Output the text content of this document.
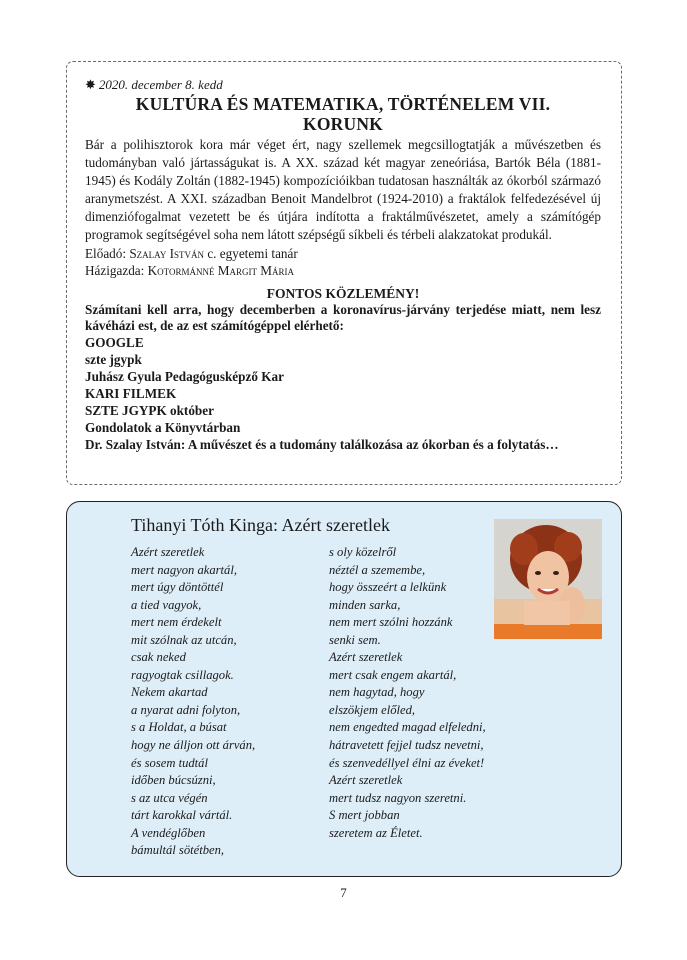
✸ 2020. december 8. kedd
KULTÚRA ÉS MATEMATIKA, TÖRTÉNELEM VII.
KORUNK
Bár a polihisztorok kora már véget ért, nagy szellemek megcsillogtatják a művészetben és tudományban való jártasságukat is. A XX. század két magyar zeneóriása, Bartók Béla (1881-1945) és Kodály Zoltán (1882-1945) kompozícióikban tudatosan használták az ókorból származó aranymetszést. A XXI. században Benoit Mandelbrot (1924-2010) a fraktálok felfedezésével új dimenziófogalmat vezetett be és útjára indította a fraktálművészetet, amely a számítógép programok segítségével soha nem látott szépségű síkbeli és térbeli alakzatokat produkál.
Előadó: Szalay István c. egyetemi tanár
Házigazda: Kotormánné Margit Mária
FONTOS KÖZLEMÉNY!
Számítani kell arra, hogy decemberben a koronavírus-járvány terjedése miatt, nem lesz kávéházi est, de az est számítógéppel elérhető:
GOOGLE
szte jgypk
Juhász Gyula Pedagógusképző Kar
KARI FILMEK
SZTE JGYPK október
Gondolatok a Könyvtárban
Dr. Szalay István: A művészet és a tudomány találkozása az ókorban és a folytatás…
Tihanyi Tóth Kinga: Azért szeretlek
Azért szeretlek
mert nagyon akartál,
mert úgy döntöttél
a tied vagyok,
mert nem érdekelt
mit szólnak az utcán,
csak neked
ragyogtak csillagok.
Nekem akartad
a nyarat adni folyton,
s a Holdat, a búsat
hogy ne álljon ott árván,
és sosem tudtál
időben búcsúzni,
s az utca végén
tárt karokkal vártál.
A vendéglőben
bámultál sötétben,
s oly közelről
néztél a szemembe,
hogy összeért a lelkünk
minden sarka,
nem mert szólni hozzánk
senki sem.
Azért szeretlek
mert csak engem akartál,
nem hagytad, hogy
elszökjem előled,
nem engedted magad elfeledni,
hátravetett fejjel tudsz nevetni,
és szenvedéllyel élni az éveket!
Azért szeretlek
mert tudsz nagyon szeretni.
S mert jobban
szeretem az Életet.
7
